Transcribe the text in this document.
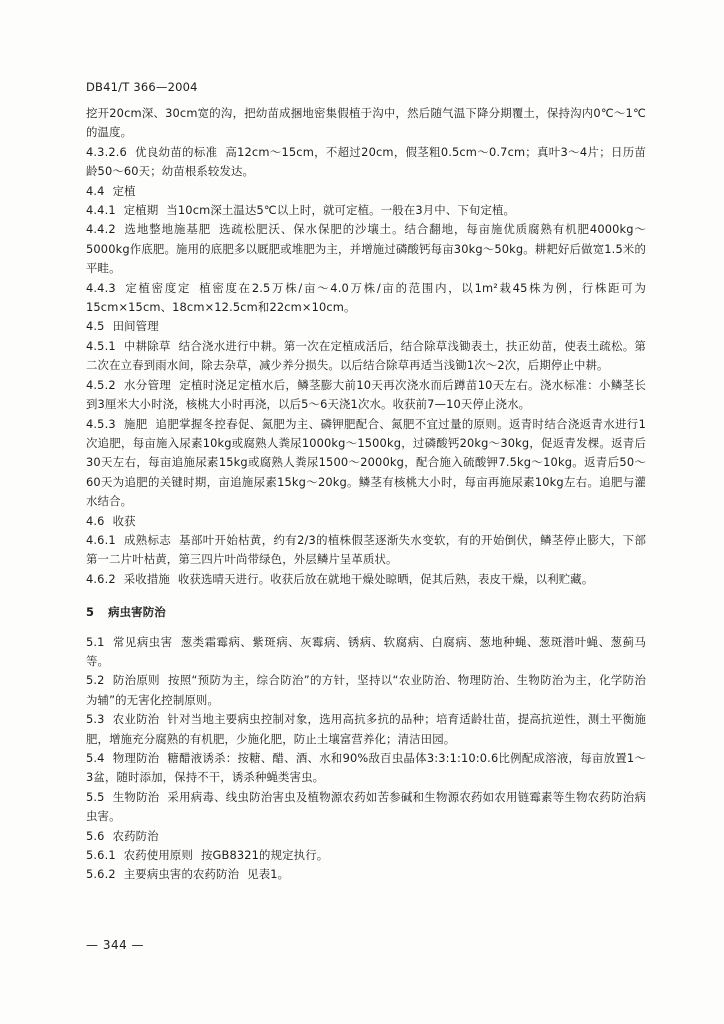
DB41/T 366—2004

挖开20cm深、30cm宽的沟，把幼苗成捆地密集假植于沟中，然后随气温下降分期覆土，保持沟内0℃～1℃的温度。

4.3.2.6 优良幼苗的标准 高12cm～15cm，不超过20cm，假茎粗0.5cm～0.7cm；真叶3～4片；日历苗龄50～60天；幼苗根系较发达。

4.4 定植

4.4.1 定植期 当10cm深土温达5℃以上时，就可定植。一般在3月中、下旬定植。

4.4.2 选地整地施基肥 选疏松肥沃、保水保肥的沙壤土。结合翻地，每亩施优质腐熟有机肥4000kg～5000kg作底肥。施用的底肥多以厩肥或堆肥为主，并增施过磷酸钙每亩30kg～50kg。耕耙好后做宽1.5米的平畦。

4.4.3 定植密度定 植密度在2.5万株/亩～4.0万株/亩的范围内，以1m²栽45株为例，行株距可为15cm×15cm、18cm×12.5cm和22cm×10cm。

4.5 田间管理

4.5.1 中耕除草 结合浇水进行中耕。第一次在定植成活后，结合除草浅锄表土，扶正幼苗，使表土疏松。第二次在立春到雨水间，除去杂草，减少养分损失。以后结合除草再适当浅锄1次～2次，后期停止中耕。

4.5.2 水分管理 定植时浇足定植水后，鳞茎膨大前10天再次浇水而后蹲苗10天左右。浇水标准：小鳞茎长到3厘米大小时浇，核桃大小时再浇，以后5～6天浇1次水。收获前7—10天停止浇水。

4.5.3 施肥 追肥掌握冬控春促、氮肥为主、磷钾肥配合、氮肥不宜过量的原则。返青时结合浇返青水进行1次追肥，每亩施入尿素10kg或腐熟人粪尿1000kg～1500kg，过磷酸钙20kg～30kg，促返青发棵。返青后30天左右，每亩追施尿素15kg或腐熟人粪尿1500～2000kg，配合施入硫酸钾7.5kg～10kg。返青后50～60天为追肥的关键时期，亩追施尿素15kg～20kg。鳞茎有核桃大小时，每亩再施尿素10kg左右。追肥与灌水结合。

4.6 收获

4.6.1 成熟标志 基部叶开始枯黄，约有2/3的植株假茎逐渐失水变软，有的开始倒伏，鳞茎停止膨大，下部第一二片叶枯黄，第三四片叶尚带绿色，外层鳞片呈革质状。

4.6.2 采收措施 收获选晴天进行。收获后放在就地干燥处晾晒，促其后熟，表皮干燥，以利贮藏。

5 病虫害防治

5.1 常见病虫害 葱类霜霉病、紫斑病、灰霉病、锈病、软腐病、白腐病、葱地种蝇、葱斑潜叶蝇、葱蓟马等。

5.2 防治原则 按照“预防为主，综合防治”的方针，坚持以“农业防治、物理防治、生物防治为主，化学防治为辅”的无害化控制原则。

5.3 农业防治 针对当地主要病虫控制对象，选用高抗多抗的品种；培育适龄壮苗，提高抗逆性，测土平衡施肥，增施充分腐熟的有机肥，少施化肥，防止土壤富营养化；清洁田园。

5.4 物理防治 糖醋液诱杀：按糖、醋、酒、水和90%敌百虫晶体3:3:1:10:0.6比例配成溶液，每亩放置1～3盆，随时添加，保持不干，诱杀种蝇类害虫。

5.5 生物防治 采用病毒、线虫防治害虫及植物源农药如苦参碱和生物源农药如农用链霉素等生物农药防治病虫害。

5.6 农药防治

5.6.1 农药使用原则 按GB8321的规定执行。

5.6.2 主要病虫害的农药防治 见表1。

— 344 —
